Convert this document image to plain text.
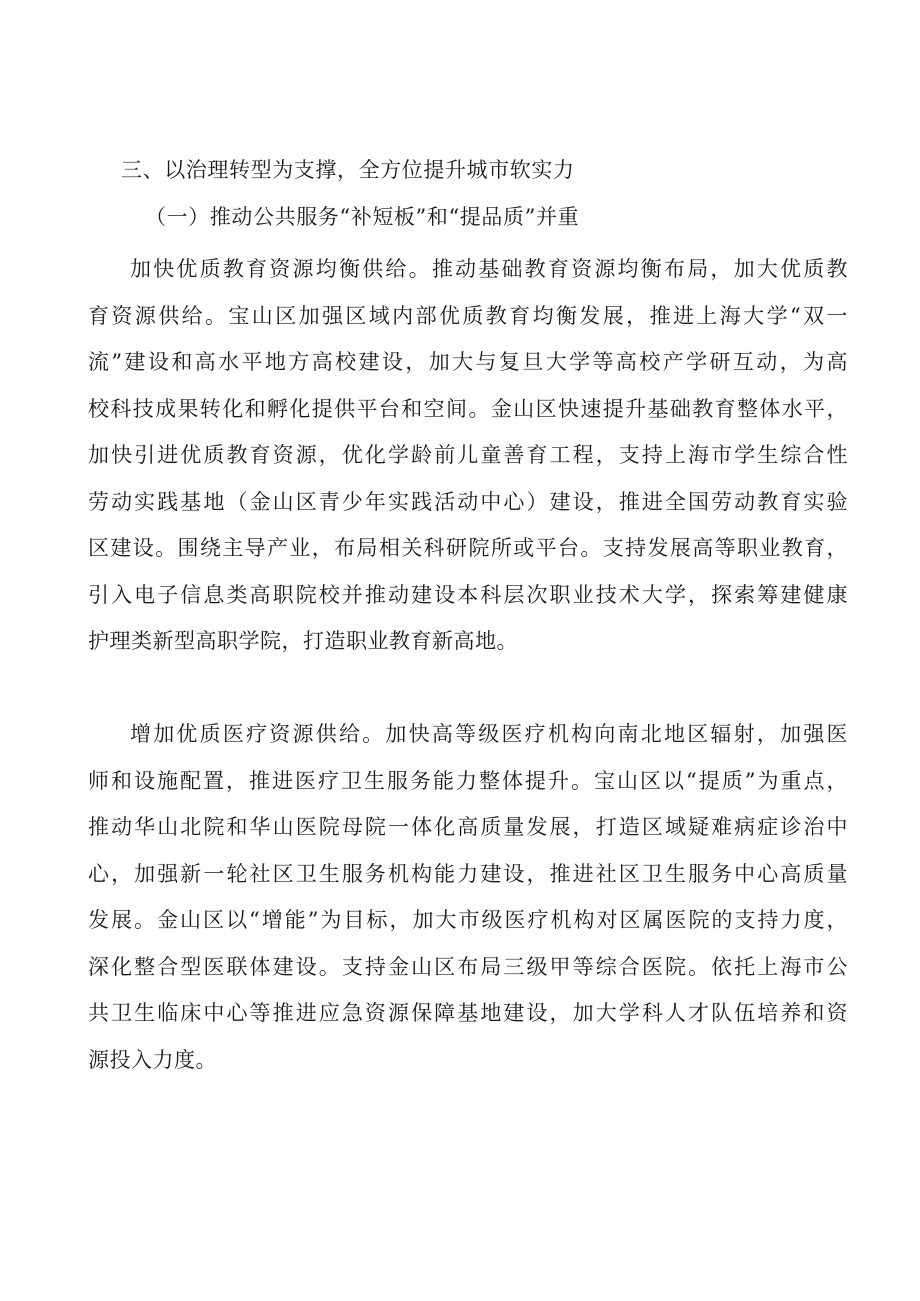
三、以治理转型为支撑，全方位提升城市软实力
（一）推动公共服务“补短板”和“提品质”并重
加快优质教育资源均衡供给。推动基础教育资源均衡布局，加大优质教
育资源供给。宝山区加强区域内部优质教育均衡发展，推进上海大学“双一
流”建设和高水平地方高校建设，加大与复旦大学等高校产学研互动，为高
校科技成果转化和孵化提供平台和空间。金山区快速提升基础教育整体水平，
加快引进优质教育资源，优化学龄前儿童善育工程，支持上海市学生综合性
劳动实践基地（金山区青少年实践活动中心）建设，推进全国劳动教育实验
区建设。围绕主导产业，布局相关科研院所或平台。支持发展高等职业教育，
引入电子信息类高职院校并推动建设本科层次职业技术大学，探索筹建健康
护理类新型高职学院，打造职业教育新高地。
增加优质医疗资源供给。加快高等级医疗机构向南北地区辐射，加强医
师和设施配置，推进医疗卫生服务能力整体提升。宝山区以“提质”为重点，
推动华山北院和华山医院母院一体化高质量发展，打造区域疑难病症诊治中
心，加强新一轮社区卫生服务机构能力建设，推进社区卫生服务中心高质量
发展。金山区以“增能”为目标，加大市级医疗机构对区属医院的支持力度，
深化整合型医联体建设。支持金山区布局三级甲等综合医院。依托上海市公
共卫生临床中心等推进应急资源保障基地建设，加大学科人才队伍培养和资
源投入力度。
